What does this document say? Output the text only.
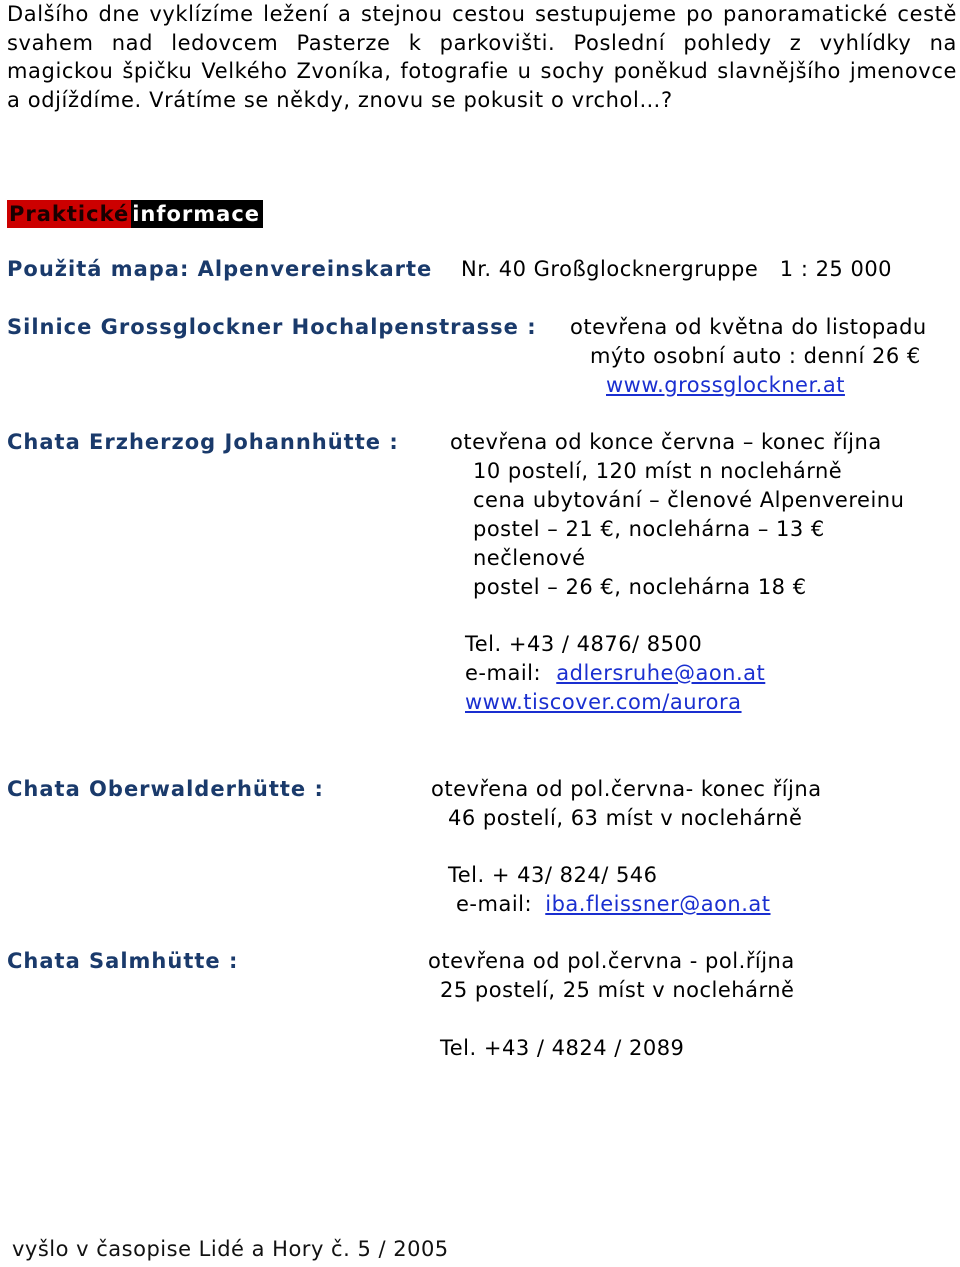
Dalšího dne vyklízíme ležení a stejnou cestou sestupujeme po panoramatické cestě svahem nad ledovcem Pasterze k parkovišti. Poslední pohledy z vyhlídky na magickou špičku Velkého Zvoníka, fotografie u sochy poněkud slavnějšího jmenovce a odjíždíme. Vrátíme se někdy, znovu se pokusit o vrchol…?
Praktické informace
Použitá mapa: Alpenvereinskarte Nr. 40 Großglocknergruppe   1 : 25 000
Silnice Grossglockner Hochalpenstrasse : otevřena od května do listopadu
mýto osobní auto : denní 26 €
www.grossglockner.at
Chata Erzherzog Johannhütte : otevřena od konce června – konec října
10 postelí, 120 míst n noclehárně
cena ubytování – členové Alpenvereinu
postel – 21 €, noclehárna – 13 €
nečlenové
postel – 26 €, noclehárna 18 €
Tel. +43 / 4876/ 8500
e-mail: adlersruhe@aon.at
www.tiscover.com/aurora
Chata Oberwalderhütte :	otevřena od pol.června- konec října
46 postelí, 63 míst v noclehárně
Tel. + 43/ 824/ 546
e-mail: iba.fleissner@aon.at
Chata Salmhütte :	otevřena od pol.června - pol.října
25 postelí, 25 míst v noclehárně
Tel. +43 / 4824 / 2089
vyšlo v časopise Lidé a Hory č. 5 / 2005
